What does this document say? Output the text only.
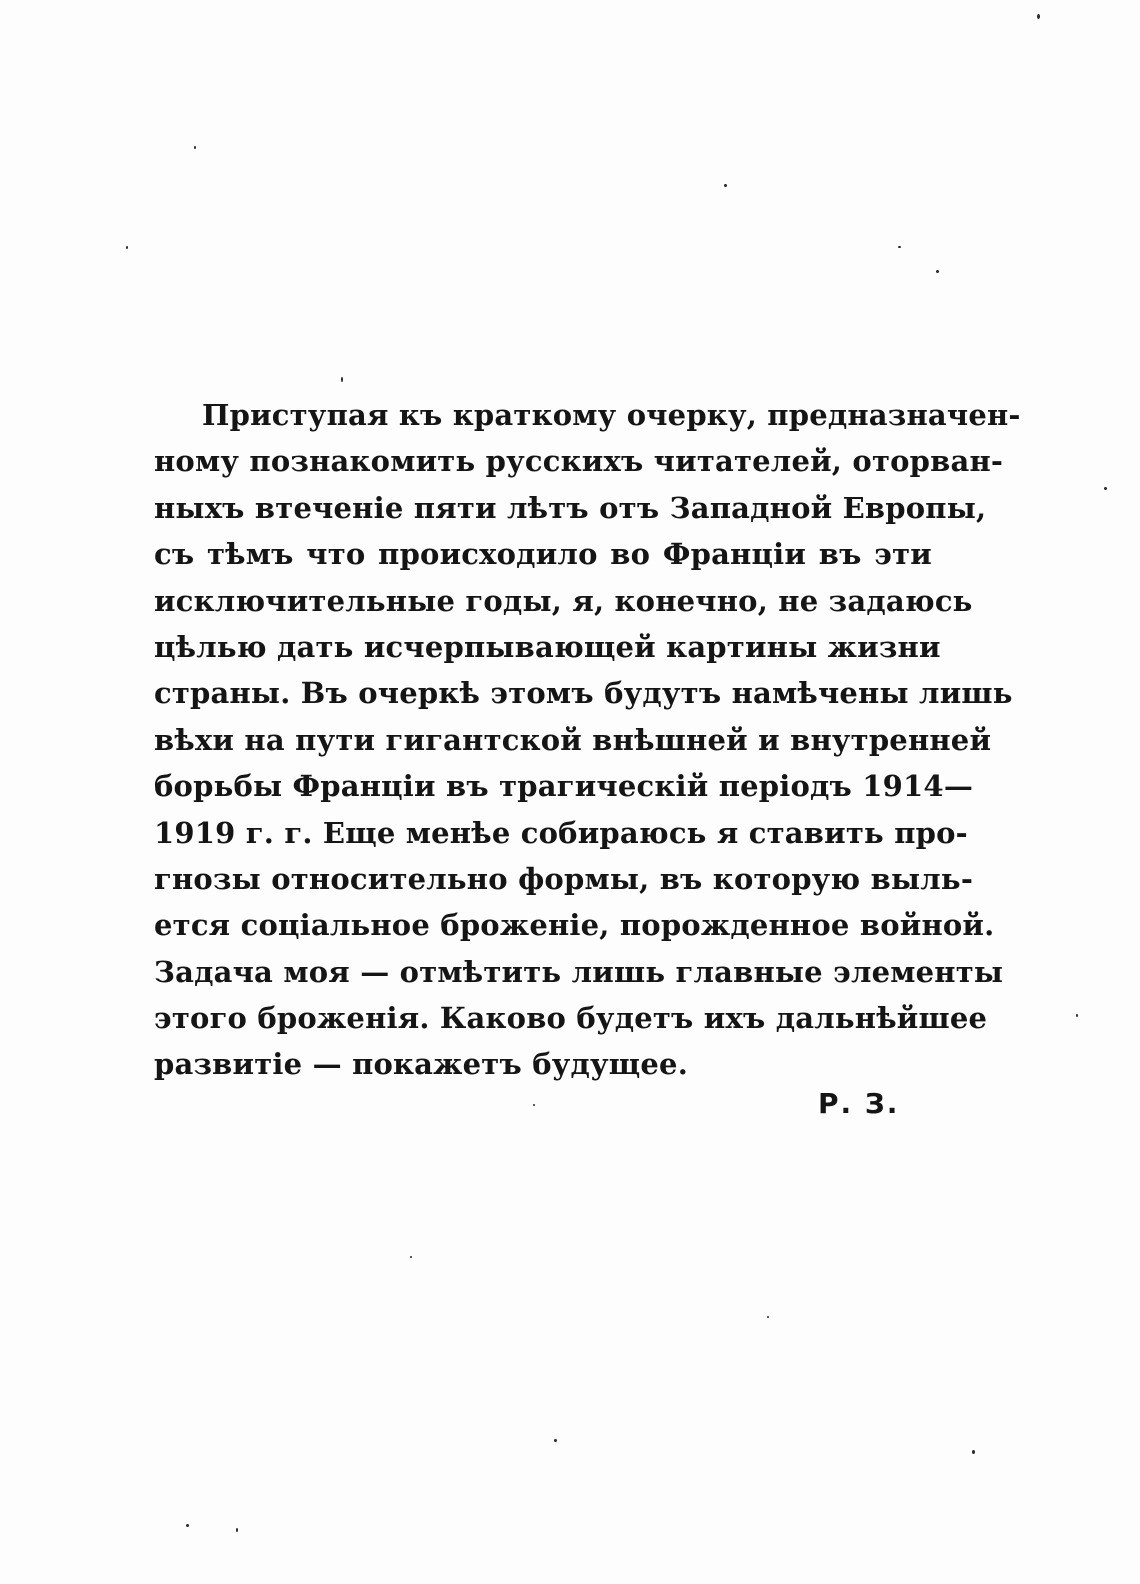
Приступая къ краткому очерку, предназначен-
ному познакомить русскихъ читателей, оторван-
ныхъ втеченіе пяти лѣтъ отъ Западной Европы,
съ тѣмъ что происходило во Франціи въ эти
исключительные годы, я, конечно, не задаюсь
цѣлью дать исчерпывающей картины жизни
страны. Въ очеркѣ этомъ будутъ намѣчены лишь
вѣхи на пути гигантской внѣшней и внутренней
борьбы Франціи въ трагическій періодъ 1914—
1919 г. г. Еще менѣе собираюсь я ставить про-
гнозы относительно формы, въ которую выль-
ется соціальное броженіе, порожденное войной.
Задача моя — отмѣтить лишь главные элементы
этого броженія. Каково будетъ ихъ дальнѣйшее
развитіе — покажетъ будущее.

Р. З.
